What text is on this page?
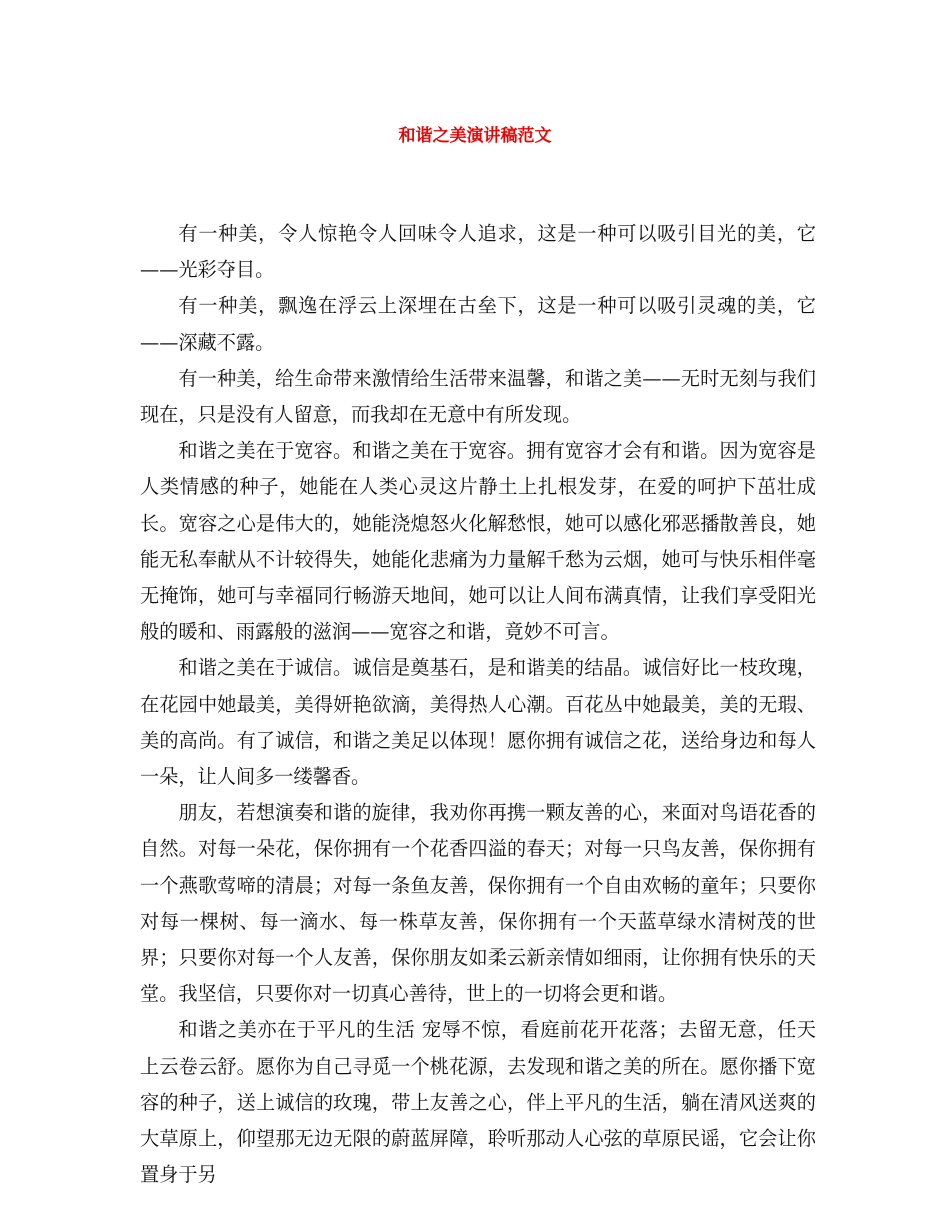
和谐之美演讲稿范文

有一种美，令人惊艳令人回味令人追求，这是一种可以吸引目光的美，它——光彩夺目。

有一种美，飘逸在浮云上深埋在古垒下，这是一种可以吸引灵魂的美，它——深藏不露。

有一种美，给生命带来激情给生活带来温馨，和谐之美——无时无刻与我们现在，只是没有人留意，而我却在无意中有所发现。

和谐之美在于宽容。和谐之美在于宽容。拥有宽容才会有和谐。因为宽容是人类情感的种子，她能在人类心灵这片静土上扎根发芽，在爱的呵护下茁壮成长。宽容之心是伟大的，她能浇熄怒火化解愁恨，她可以感化邪恶播散善良，她能无私奉献从不计较得失，她能化悲痛为力量解千愁为云烟，她可与快乐相伴毫无掩饰，她可与幸福同行畅游天地间，她可以让人间布满真情，让我们享受阳光般的暖和、雨露般的滋润——宽容之和谐，竟妙不可言。

和谐之美在于诚信。诚信是奠基石，是和谐美的结晶。诚信好比一枝玫瑰，在花园中她最美，美得妍艳欲滴，美得热人心潮。百花丛中她最美，美的无瑕、美的高尚。有了诚信，和谐之美足以体现！愿你拥有诚信之花，送给身边和每人一朵，让人间多一缕馨香。

朋友，若想演奏和谐的旋律，我劝你再携一颗友善的心，来面对鸟语花香的自然。对每一朵花，保你拥有一个花香四溢的春天；对每一只鸟友善，保你拥有一个燕歌莺啼的清晨；对每一条鱼友善，保你拥有一个自由欢畅的童年；只要你对每一棵树、每一滴水、每一株草友善，保你拥有一个天蓝草绿水清树茂的世界；只要你对每一个人友善，保你朋友如柔云新亲情如细雨，让你拥有快乐的天堂。我坚信，只要你对一切真心善待，世上的一切将会更和谐。

和谐之美亦在于平凡的生活 宠辱不惊，看庭前花开花落；去留无意，任天上云卷云舒。愿你为自己寻觅一个桃花源，去发现和谐之美的所在。愿你播下宽容的种子，送上诚信的玫瑰，带上友善之心，伴上平凡的生活，躺在清风送爽的大草原上，仰望那无边无限的蔚蓝屏障，聆听那动人心弦的草原民谣，它会让你置身于另
